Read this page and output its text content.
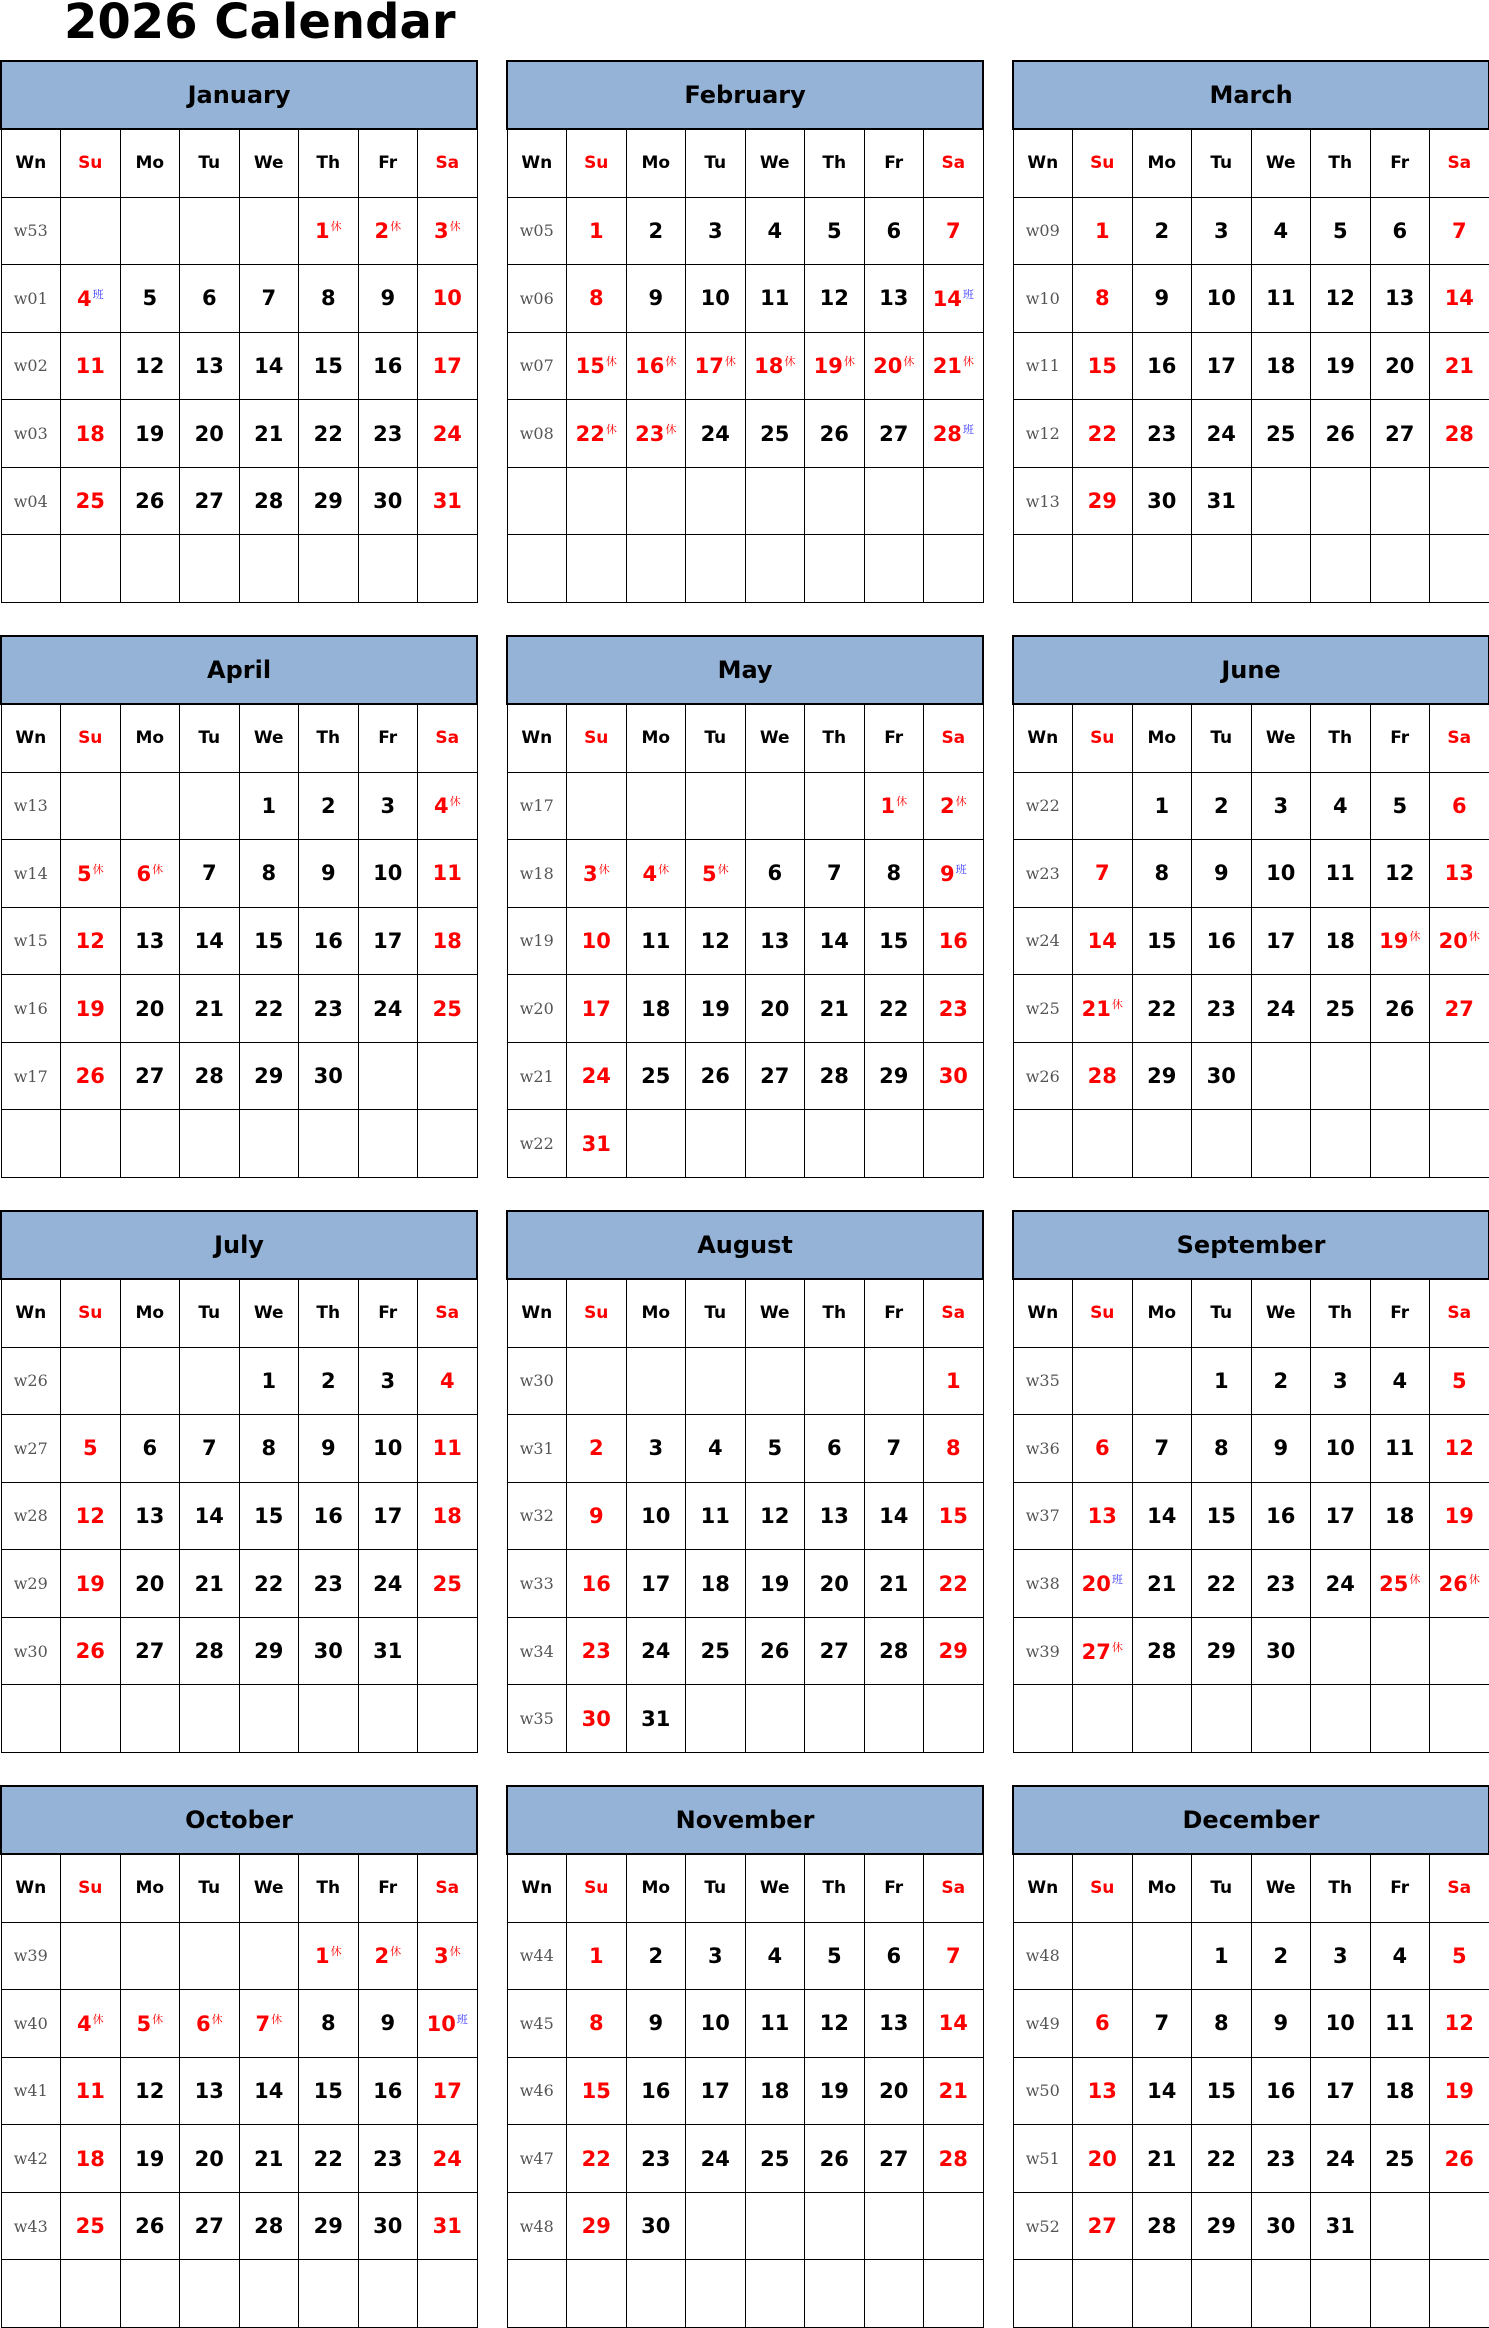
2026 Calendar
January							
Wn	Su	Mo	Tu	We	Th	Fr	Sa
w53					$1^休$	$2^休$	$3^休$
w01	$4^班$	5	6	7	8	9	10
w02	11	12	13	14	15	16	17
w03	18	19	20	21	22	23	24
w04	25	26	27	28	29	30	31

February							
Wn	Su	Mo	Tu	We	Th	Fr	Sa
w05	1	2	3	4	5	6	7
w06	8	9	10	11	12	13	$14^班$
w07	$15^休$	$16^休$	$17^休$	$18^休$	$19^休$	$20^休$	$21^休$
w08	$22^休$	$23^休$	24	25	26	27	$28^班$

March							
Wn	Su	Mo	Tu	We	Th	Fr	Sa
w09	1	2	3	4	5	6	7
w10	8	9	10	11	12	13	14
w11	15	16	17	18	19	20	21
w12	22	23	24	25	26	27	28
w13	29	30	31				

April							
Wn	Su	Mo	Tu	We	Th	Fr	Sa
w13				1	2	3	$4^休$
w14	$5^休$	$6^休$	7	8	9	10	11
w15	12	13	14	15	16	17	18
w16	19	20	21	22	23	24	25
w17	26	27	28	29	30		

May							
Wn	Su	Mo	Tu	We	Th	Fr	Sa
w17						$1^休$	$2^休$
w18	$3^休$	$4^休$	$5^休$	6	7	8	$9^班$
w19	10	11	12	13	14	15	16
w20	17	18	19	20	21	22	23
w21	24	25	26	27	28	29	30
w22	31						
June							
Wn	Su	Mo	Tu	We	Th	Fr	Sa
w22		1	2	3	4	5	6
w23	7	8	9	10	11	12	13
w24	14	15	16	17	18	$19^休$	$20^休$
w25	$21^休$	22	23	24	25	26	27
w26	28	29	30				

July							
Wn	Su	Mo	Tu	We	Th	Fr	Sa
w26				1	2	3	4
w27	5	6	7	8	9	10	11
w28	12	13	14	15	16	17	18
w29	19	20	21	22	23	24	25
w30	26	27	28	29	30	31	

August							
Wn	Su	Mo	Tu	We	Th	Fr	Sa
w30							1
w31	2	3	4	5	6	7	8
w32	9	10	11	12	13	14	15
w33	16	17	18	19	20	21	22
w34	23	24	25	26	27	28	29
w35	30	31					
September							
Wn	Su	Mo	Tu	We	Th	Fr	Sa
w35			1	2	3	4	5
w36	6	7	8	9	10	11	12
w37	13	14	15	16	17	18	19
w38	$20^班$	21	22	23	24	$25^休$	$26^休$
w39	$27^休$	28	29	30			

October							
Wn	Su	Mo	Tu	We	Th	Fr	Sa
w39					$1^休$	$2^休$	$3^休$
w40	$4^休$	$5^休$	$6^休$	$7^休$	8	9	$10^班$
w41	11	12	13	14	15	16	17
w42	18	19	20	21	22	23	24
w43	25	26	27	28	29	30	31

November							
Wn	Su	Mo	Tu	We	Th	Fr	Sa
w44	1	2	3	4	5	6	7
w45	8	9	10	11	12	13	14
w46	15	16	17	18	19	20	21
w47	22	23	24	25	26	27	28
w48	29	30					

December							
Wn	Su	Mo	Tu	We	Th	Fr	Sa
w48			1	2	3	4	5
w49	6	7	8	9	10	11	12
w50	13	14	15	16	17	18	19
w51	20	21	22	23	24	25	26
w52	27	28	29	30	31		
